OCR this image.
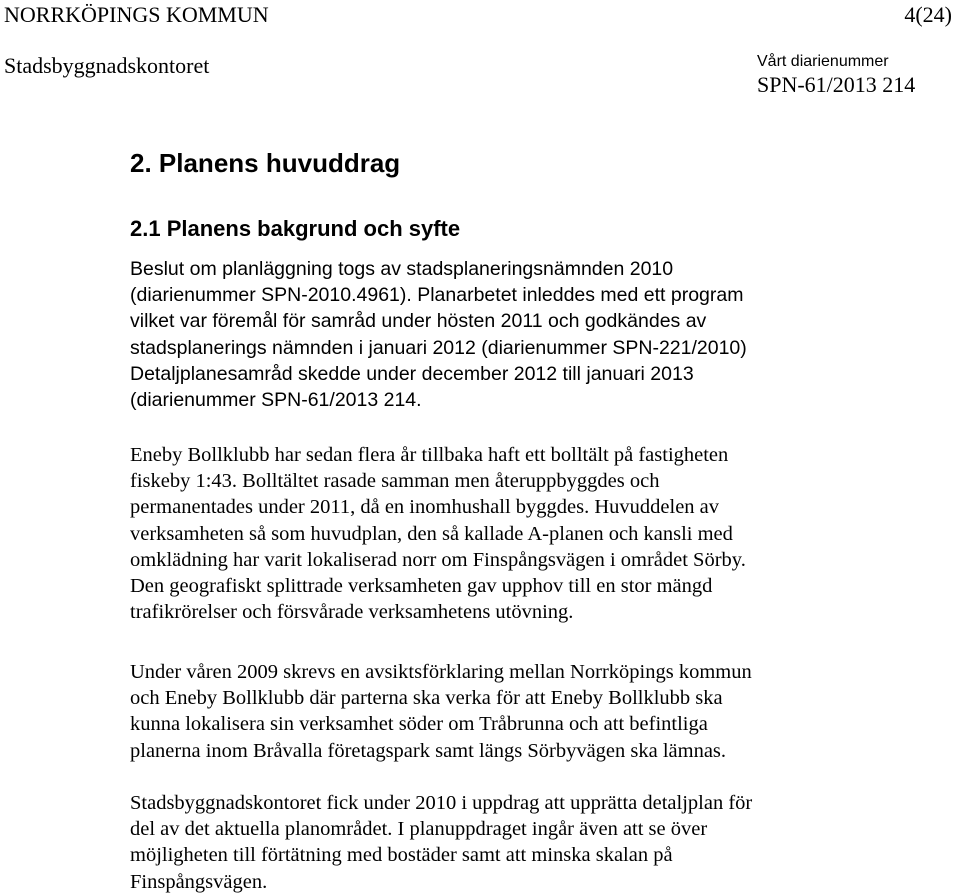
NORRKÖPINGS KOMMUN	4(24)
Stadsbyggnadskontoret	Vårt diarienummer
SPN-61/2013 214
2. Planens huvuddrag
2.1 Planens bakgrund och syfte
Beslut om planläggning togs av stadsplaneringsnämnden 2010
(diarienummer SPN-2010.4961). Planarbetet inleddes med ett program
vilket var föremål för samråd under hösten 2011 och godkändes av
stadsplanerings nämnden i januari 2012 (diarienummer SPN-221/2010)
Detaljplanesamråd skedde under december 2012 till januari 2013
(diarienummer SPN-61/2013 214.
Eneby Bollklubb har sedan flera år tillbaka haft ett bolltält på fastigheten
fiskeby 1:43. Bolltältet rasade samman men återuppbyggdes och
permanentades under 2011, då en inomhushall byggdes. Huvuddelen av
verksamheten så som huvudplan, den så kallade A-planen och kansli med
omklädning har varit lokaliserad norr om Finspångsvägen i området Sörby.
Den geografiskt splittrade verksamheten gav upphov till en stor mängd
trafikrörelser och försvårade verksamhetens utövning.
Under våren 2009 skrevs en avsiktsförklaring mellan Norrköpings kommun
och Eneby Bollklubb där parterna ska verka för att Eneby Bollklubb ska
kunna lokalisera sin verksamhet söder om Tråbrunna och att befintliga
planerna inom Bråvalla företagspark samt längs Sörbyvägen ska lämnas.
Stadsbyggnadskontoret fick under 2010 i uppdrag att upprätta detaljplan för
del av det aktuella planområdet. I planuppdraget ingår även att se över
möjligheten till förtätning med bostäder samt att minska skalan på
Finspångsvägen.
